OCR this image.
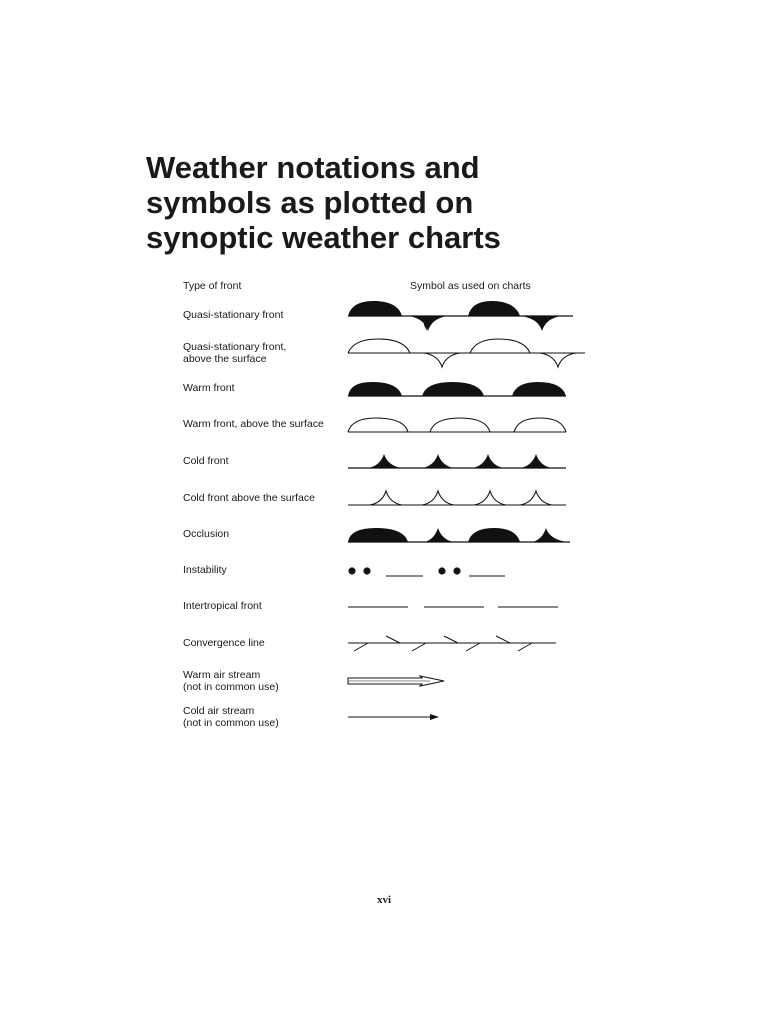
Weather notations and symbols as plotted on synoptic weather charts
Type of front	Symbol as used on charts
Quasi-stationary front
Quasi-stationary front,
above the surface
Warm front
Warm front, above the surface
Cold front
Cold front above the surface
Occlusion
Instability
Intertropical front
Convergence line
Warm air stream
(not in common use)
Cold air stream
(not in common use)
xvi
